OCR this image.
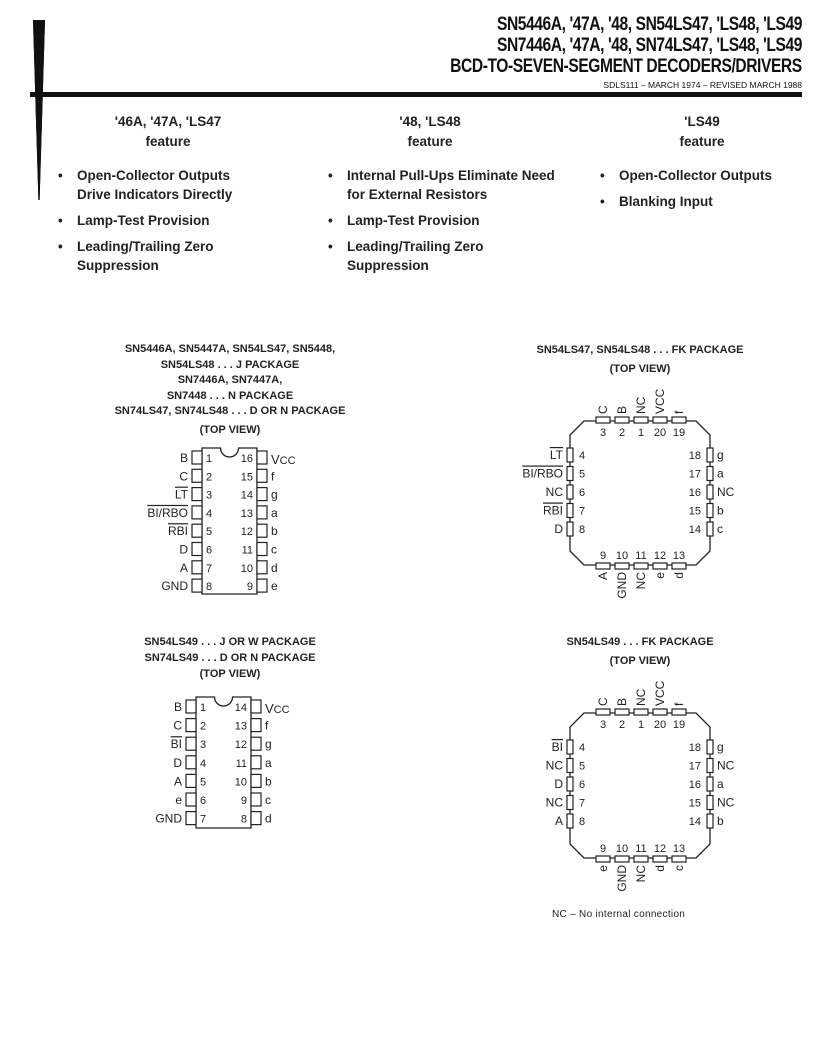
SN5446A, '47A, '48, SN54LS47, 'LS48, 'LS49
SN7446A, '47A, '48, SN74LS47, 'LS48, 'LS49
BCD-TO-SEVEN-SEGMENT DECODERS/DRIVERS
SDLS111 – MARCH 1974 – REVISED MARCH 1988
'46A, '47A, 'LS47
feature
• Open-Collector Outputs Drive Indicators Directly
• Lamp-Test Provision
• Leading/Trailing Zero Suppression
'48, 'LS48
feature
• Internal Pull-Ups Eliminate Need for External Resistors
• Lamp-Test Provision
• Leading/Trailing Zero Suppression
'LS49
feature
• Open-Collector Outputs
• Blanking Input
SN5446A, SN5447A, SN54LS47, SN5448,
SN54LS48 . . . J PACKAGE
SN7446A, SN7447A,
SN7448 . . . N PACKAGE
SN74LS47, SN74LS48 . . . D OR N PACKAGE
(TOP VIEW)
SN54LS47, SN54LS48 . . . FK PACKAGE
(TOP VIEW)
SN54LS49 . . . J OR W PACKAGE
SN74LS49 . . . D OR N PACKAGE
(TOP VIEW)
SN54LS49 . . . FK PACKAGE
(TOP VIEW)
1
B
2
C
3
LT
4
BI/RBO
5
RBI
6
D
7
A
8
GND
16 VCC
15 f
14 g
13 a
12 b
11 c
10 d
9 e
1
B
2
C
3
BI
4
D
5
A
6
e
7
GND
14 VCC
13 f
12 g
11 a
10 b
9 c
8 d
3
C
2
B
1
NC
20
VCC
19
f
9
A
10
GND
11
NC
12
e
13
d
4
LT
5
BI/RBO
6
NC
7
RBI
8
D
18 g
17 a
16 NC
15 b
14 c
3
C
2
B
1
NC
20
VCC
19
f
9
e
10
GND
11
NC
12
d
13
c
4
BI
5
NC
6
D
7
NC
8
A
18 g
17 NC
16 a
15 NC
14 b
NC – No internal connection
